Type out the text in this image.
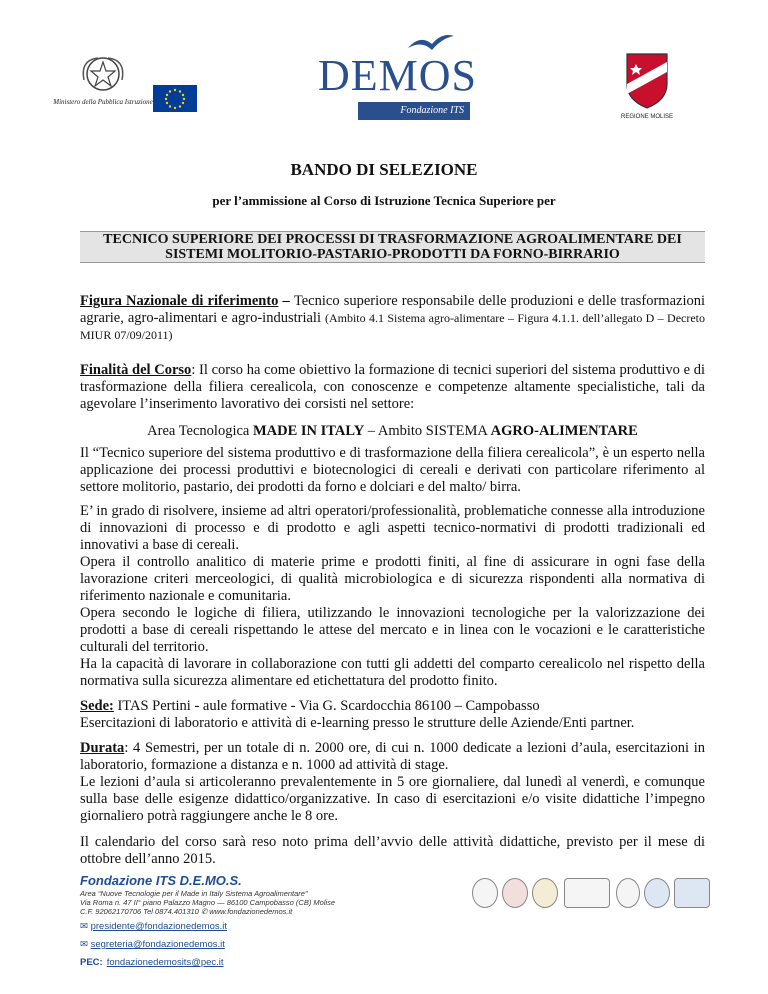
Ministero della Pubblica Istruzione
DEMOS
Fondazione ITS
REGIONE MOLISE
BANDO DI SELEZIONE
per l’ammissione al Corso di Istruzione Tecnica Superiore per
TECNICO SUPERIORE DEI PROCESSI DI TRASFORMAZIONE AGROALIMENTARE DEI
SISTEMI MOLITORIO-PASTARIO-PRODOTTI DA FORNO-BIRRARIO
Figura Nazionale di riferimento – Tecnico superiore responsabile delle produzioni e delle trasformazioni agrarie, agro-alimentari e agro-industriali (Ambito 4.1 Sistema agro-alimentare – Figura 4.1.1. dell’allegato D – Decreto MIUR 07/09/2011)
Finalità del Corso: Il corso ha come obiettivo la formazione di tecnici superiori del sistema produttivo e di trasformazione della filiera cerealicola, con conoscenze e competenze altamente specialistiche, tali da agevolare l’inserimento lavorativo dei corsisti nel settore:
Area Tecnologica MADE IN ITALY – Ambito SISTEMA AGRO-ALIMENTARE
Il “Tecnico superiore del sistema produttivo e di trasformazione della filiera cerealicola”, è un esperto nella applicazione dei processi produttivi e biotecnologici di cereali e derivati con particolare riferimento al settore molitorio, pastario, dei prodotti da forno e dolciari e del malto/ birra.
E’ in grado di risolvere, insieme ad altri operatori/professionalità, problematiche connesse alla introduzione di innovazioni di processo e di prodotto e agli aspetti tecnico-normativi di prodotti tradizionali ed innovativi a base di cereali.
Opera il controllo analitico di materie prime e prodotti finiti, al fine di assicurare in ogni fase della lavorazione criteri merceologici, di qualità microbiologica e di sicurezza rispondenti alla normativa di riferimento nazionale e comunitaria.
Opera secondo le logiche di filiera, utilizzando le innovazioni tecnologiche per la valorizzazione dei prodotti a base di cereali rispettando le attese del mercato e in linea con le vocazioni e le caratteristiche culturali del territorio.
Ha la capacità di lavorare in collaborazione con tutti gli addetti del comparto cerealicolo nel rispetto della normativa sulla sicurezza alimentare ed etichettatura del prodotto finito.
Sede: ITAS Pertini - aule formative - Via G. Scardocchia 86100 – Campobasso
Esercitazioni di laboratorio e attività di e-learning presso le strutture delle Aziende/Enti partner.
Durata: 4 Semestri, per un totale di n. 2000 ore, di cui n. 1000 dedicate a lezioni d’aula, esercitazioni in laboratorio, formazione a distanza e n. 1000 ad attività di stage.
Le lezioni d’aula si articoleranno prevalentemente in 5 ore giornaliere, dal lunedì al venerdì, e comunque sulla base delle esigenze didattico/organizzative. In caso di esercitazioni e/o visite didattiche l’impegno giornaliero potrà raggiungere anche le 8 ore.
Il calendario del corso sarà reso noto prima dell’avvio delle attività didattiche, previsto per il mese di ottobre dell’anno 2015.
Fondazione ITS D.E.MO.S.
Area “Nuove Tecnologie per il Made in Italy Sistema Agroalimentare”
Via Roma n. 47 II° piano Palazzo Magno — 86100 Campobasso (CB) Molise
C.F. 92062170706 Tel 0874.401310 ✆ www.fondazionedemos.it
✉ presidente@fondazionedemos.it
✉ segreteria@fondazionedemos.it
PEC: fondazionedemosits@pec.it
